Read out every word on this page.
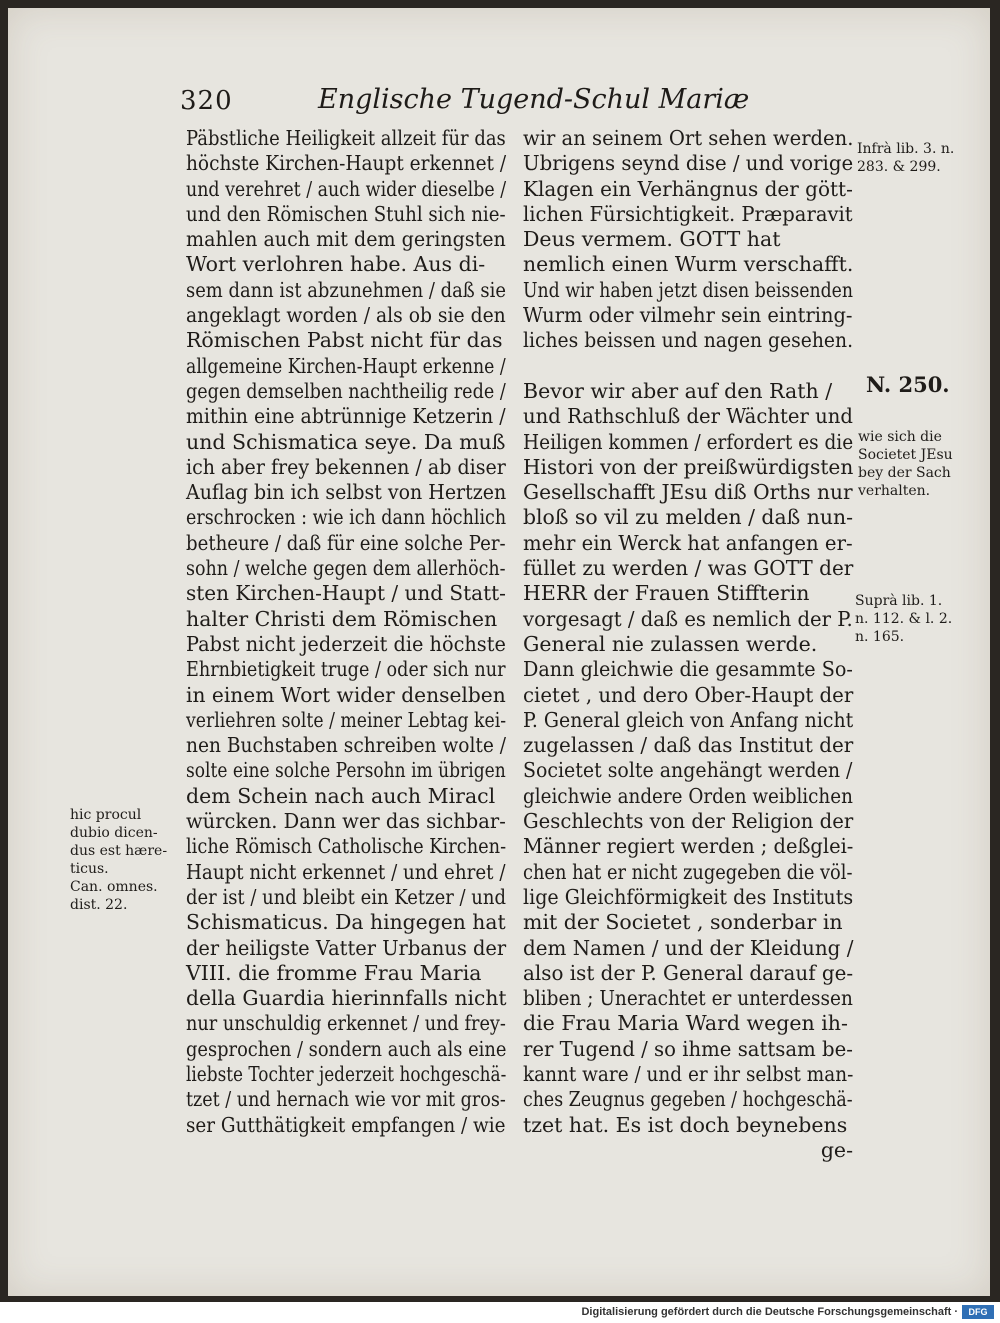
320	Englische Tugend-Schul Mariæ
Päbstliche Heiligkeit allzeit für das
höchste Kirchen-Haupt erkennet /
und verehret / auch wider dieselbe /
und den Römischen Stuhl sich nie-
mahlen auch mit dem geringsten
Wort verlohren habe. Aus di-
sem dann ist abzunehmen / daß sie
angeklagt worden / als ob sie den
Römischen Pabst nicht für das
allgemeine Kirchen-Haupt erkenne /
gegen demselben nachtheilig rede /
mithin eine abtrünnige Ketzerin /
und Schismatica seye. Da muß
ich aber frey bekennen / ab diser
Auflag bin ich selbst von Hertzen
erschrocken : wie ich dann höchlich
betheure / daß für eine solche Per-
sohn / welche gegen dem allerhöch-
sten Kirchen-Haupt / und Statt-
halter Christi dem Römischen
Pabst nicht jederzeit die höchste
Ehrnbietigkeit truge / oder sich nur
in einem Wort wider denselben
verliehren solte / meiner Lebtag kei-
nen Buchstaben schreiben wolte /
solte eine solche Persohn im übrigen
dem Schein nach auch Miracl
würcken. Dann wer das sichbar-
liche Römisch Catholische Kirchen-
Haupt nicht erkennet / und ehret /
der ist / und bleibt ein Ketzer / und
Schismaticus. Da hingegen hat
der heiligste Vatter Urbanus der
VIII. die fromme Frau Maria
della Guardia hierinnfalls nicht
nur unschuldig erkennet / und frey-
gesprochen / sondern auch als eine
liebste Tochter jederzeit hochgeschä-
tzet / und hernach wie vor mit gros-
ser Gutthätigkeit empfangen / wie
wir an seinem Ort sehen werden.
Ubrigens seynd dise / und vorige
Klagen ein Verhängnus der gött-
lichen Fürsichtigkeit. Præparavit
Deus vermem. GOTT hat
nemlich einen Wurm verschafft.
Und wir haben jetzt disen beissenden
Wurm oder vilmehr sein eintring-
liches beissen und nagen gesehen.
Bevor wir aber auf den Rath /
und Rathschluß der Wächter und
Heiligen kommen / erfordert es die
Histori von der preißwürdigsten
Gesellschafft JEsu diß Orths nur
bloß so vil zu melden / daß nun-
mehr ein Werck hat anfangen er-
füllet zu werden / was GOTT der
HERR der Frauen Stiffterin
vorgesagt / daß es nemlich der P.
General nie zulassen werde.
Dann gleichwie die gesammte So-
cietet , und dero Ober-Haupt der
P. General gleich von Anfang nicht
zugelassen / daß das Institut der
Societet solte angehängt werden /
gleichwie andere Orden weiblichen
Geschlechts von der Religion der
Männer regiert werden ; deßglei-
chen hat er nicht zugegeben die völ-
lige Gleichförmigkeit des Instituts
mit der Societet , sonderbar in
dem Namen / und der Kleidung /
also ist der P. General darauf ge-
bliben ; Unerachtet er unterdessen
die Frau Maria Ward wegen ih-
rer Tugend / so ihme sattsam be-
kannt ware / und er ihr selbst man-
ches Zeugnus gegeben / hochgeschä-
tzet hat. Es ist doch beynebens
ge-
Infrà lib. 3. n.
283. & 299.
N. 250.
wie sich die
Societet JEsu
bey der Sach
verhalten.
Suprà lib. 1.
n. 112. & l. 2.
n. 165.
hic procul
dubio dicen-
dus est hære-
ticus.
Can. omnes.
dist. 22.
Digitalisierung gefördert durch die Deutsche Forschungsgemeinschaft ·	DFG
